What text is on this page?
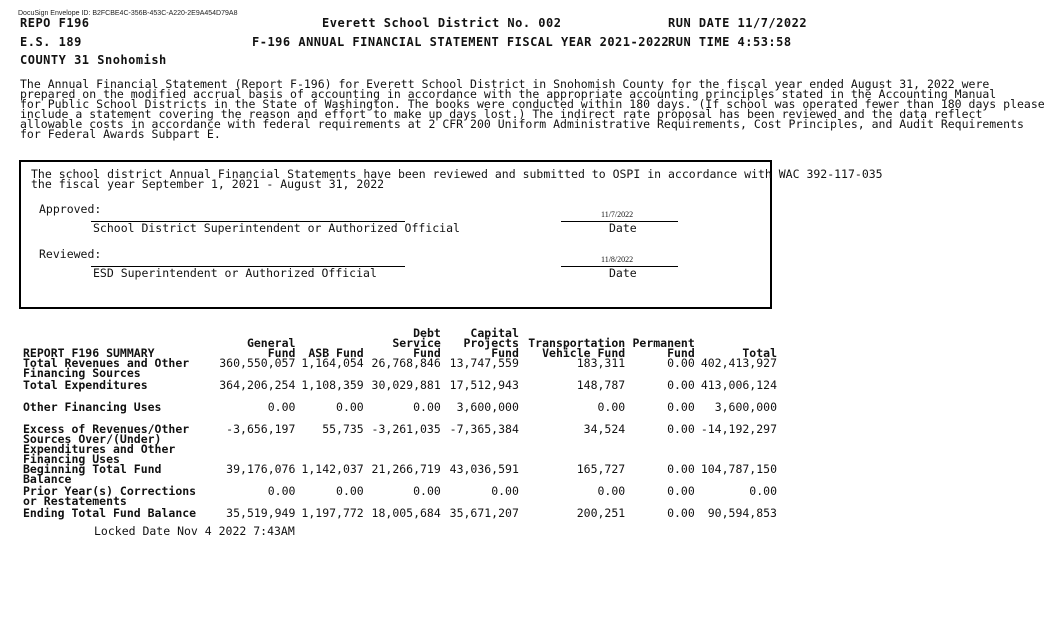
DocuSign Envelope ID: B2FCBE4C-356B-453C-A220-2E9A454D79A8
REPO F196	Everett School District No. 002	RUN DATE 11/7/2022
E.S. 189	F-196 ANNUAL FINANCIAL STATEMENT FISCAL YEAR 2021-2022
RUN TIME 4:53:58
COUNTY 31 Snohomish
The Annual Financial Statement (Report F-196) for Everett School District in Snohomish County for the fiscal year ended August 31, 2022 were
prepared on the modified accrual basis of accounting in accordance with the appropriate accounting principles stated in the Accounting Manual
for Public School Districts in the State of Washington. The books were conducted within 180 days. (If school was operated fewer than 180 days please
include a statement covering the reason and effort to make up days lost.) The indirect rate proposal has been reviewed and the data reflect
allowable costs in accordance with federal requirements at 2 CFR 200 Uniform Administrative Requirements, Cost Principles, and Audit Requirements
for Federal Awards Subpart E.
The school district Annual Financial Statements have been reviewed and submitted to OSPI in accordance with WAC 392-117-035
the fiscal year September 1, 2021 - August 31, 2022
Approved:	11/7/2022
School District Superintendent or Authorized Official	Date
Reviewed:	11/8/2022
ESD Superintendent or Authorized Official	Date
REPORT F196 SUMMARY	General Fund	ASB Fund	Debt Service Fund	Capital Projects Fund	Transportation Vehicle Fund	Permanent Fund	Total
Total Revenues and Other Financing Sources	360,550,057	1,164,054	26,768,846	13,747,559	183,311	0.00	402,413,927
Total Expenditures	364,206,254	1,108,359	30,029,881	17,512,943	148,787	0.00	413,006,124
Other Financing Uses	0.00	0.00	0.00	3,600,000	0.00	0.00	3,600,000
Excess of Revenues/Other Sources Over/(Under) Expenditures and Other Financing Uses	-3,656,197	55,735	-3,261,035	-7,365,384	34,524	0.00	-14,192,297
Beginning Total Fund Balance	39,176,076	1,142,037	21,266,719	43,036,591	165,727	0.00	104,787,150
Prior Year(s) Corrections or Restatements	0.00	0.00	0.00	0.00	0.00	0.00	0.00
Ending Total Fund Balance	35,519,949	1,197,772	18,005,684	35,671,207	200,251	0.00	90,594,853
Locked Date Nov 4 2022 7:43AM
